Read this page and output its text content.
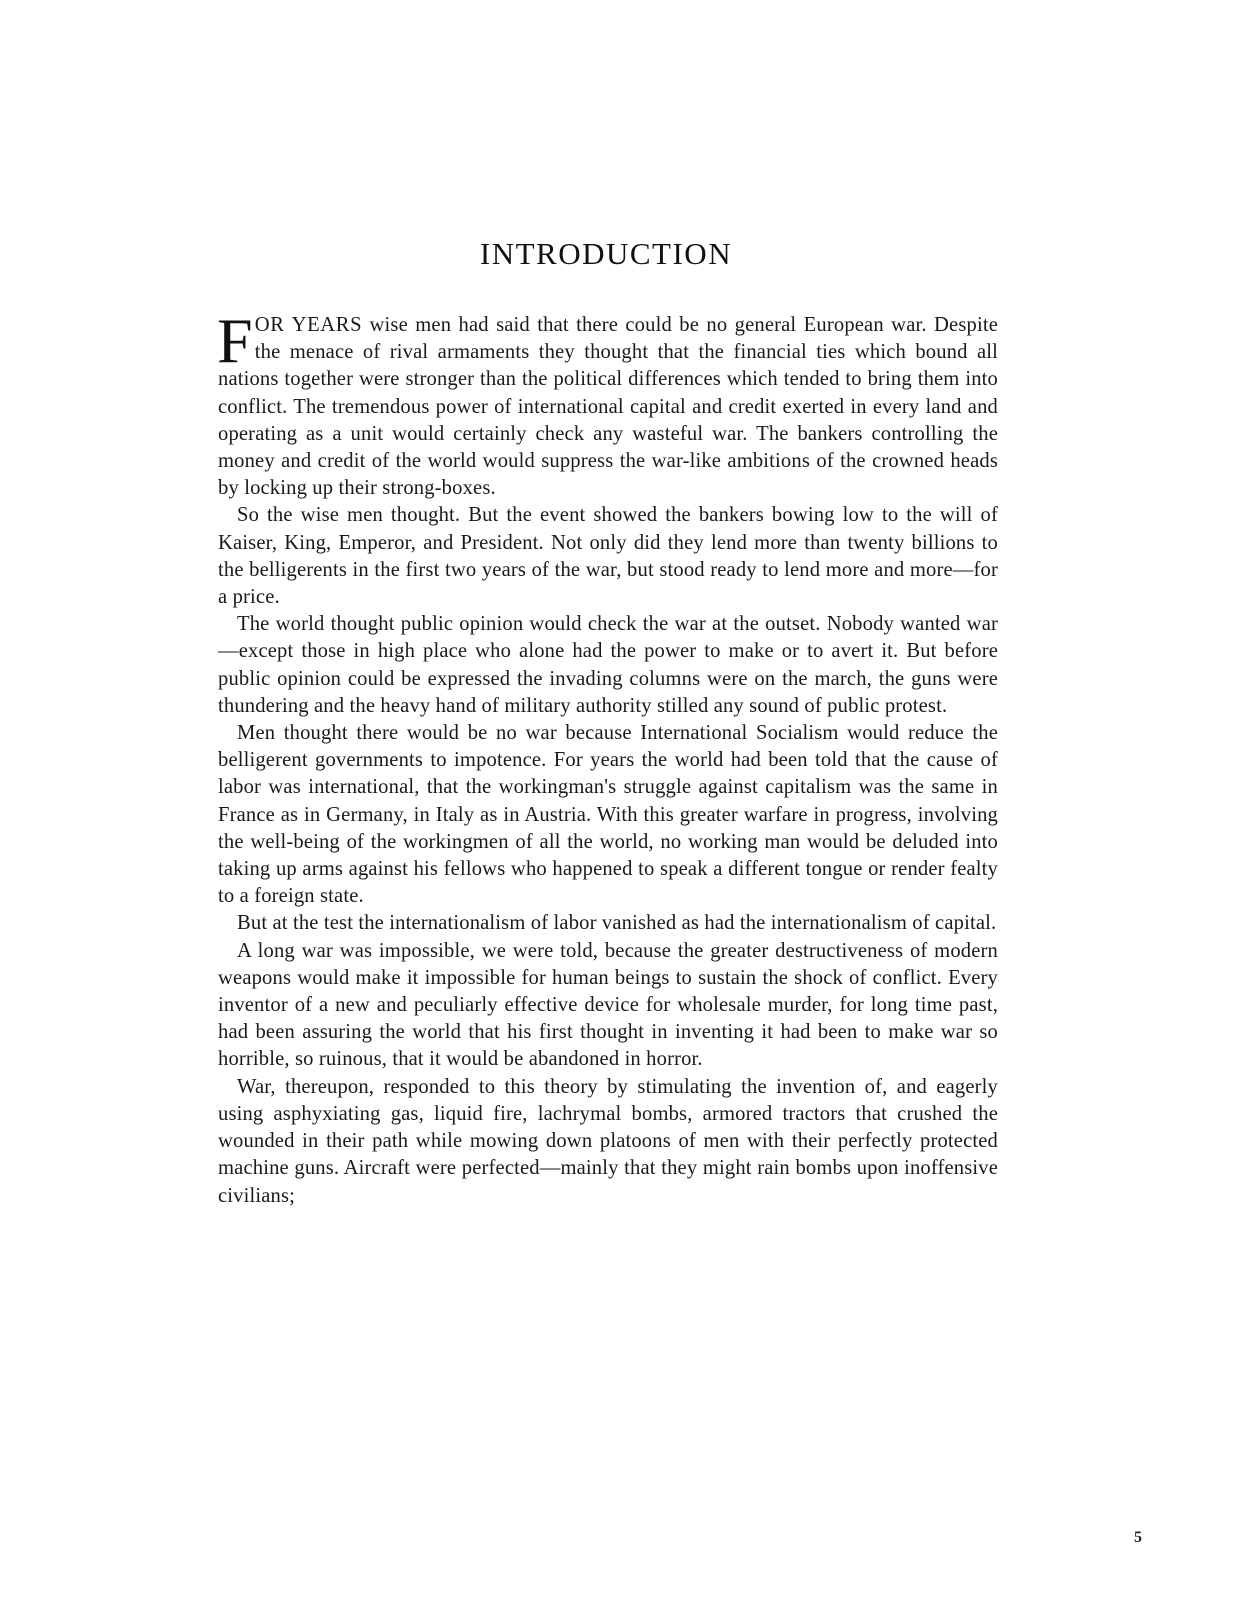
INTRODUCTION

FOR YEARS wise men had said that there could be no general European war. Despite the menace of rival armaments they thought that the financial ties which bound all nations together were stronger than the political differences which tended to bring them into conflict. The tremendous power of international capital and credit exerted in every land and operating as a unit would certainly check any wasteful war. The bankers controlling the money and credit of the world would suppress the war-like ambitions of the crowned heads by locking up their strong-boxes.

So the wise men thought. But the event showed the bankers bowing low to the will of Kaiser, King, Emperor, and President. Not only did they lend more than twenty billions to the belligerents in the first two years of the war, but stood ready to lend more and more—for a price.

The world thought public opinion would check the war at the outset. Nobody wanted war—except those in high place who alone had the power to make or to avert it. But before public opinion could be expressed the invading columns were on the march, the guns were thundering and the heavy hand of military authority stilled any sound of public protest.

Men thought there would be no war because International Socialism would reduce the belligerent governments to impotence. For years the world had been told that the cause of labor was international, that the workingman's struggle against capitalism was the same in France as in Germany, in Italy as in Austria. With this greater warfare in progress, involving the well-being of the workingmen of all the world, no working man would be deluded into taking up arms against his fellows who happened to speak a different tongue or render fealty to a foreign state.

But at the test the internationalism of labor vanished as had the internationalism of capital.

A long war was impossible, we were told, because the greater destructiveness of modern weapons would make it impossible for human beings to sustain the shock of conflict. Every inventor of a new and peculiarly effective device for wholesale murder, for long time past, had been assuring the world that his first thought in inventing it had been to make war so horrible, so ruinous, that it would be abandoned in horror.

War, thereupon, responded to this theory by stimulating the invention of, and eagerly using asphyxiating gas, liquid fire, lachrymal bombs, armored tractors that crushed the wounded in their path while mowing down platoons of men with their perfectly protected machine guns. Aircraft were perfected—mainly that they might rain bombs upon inoffensive civilians;

5
